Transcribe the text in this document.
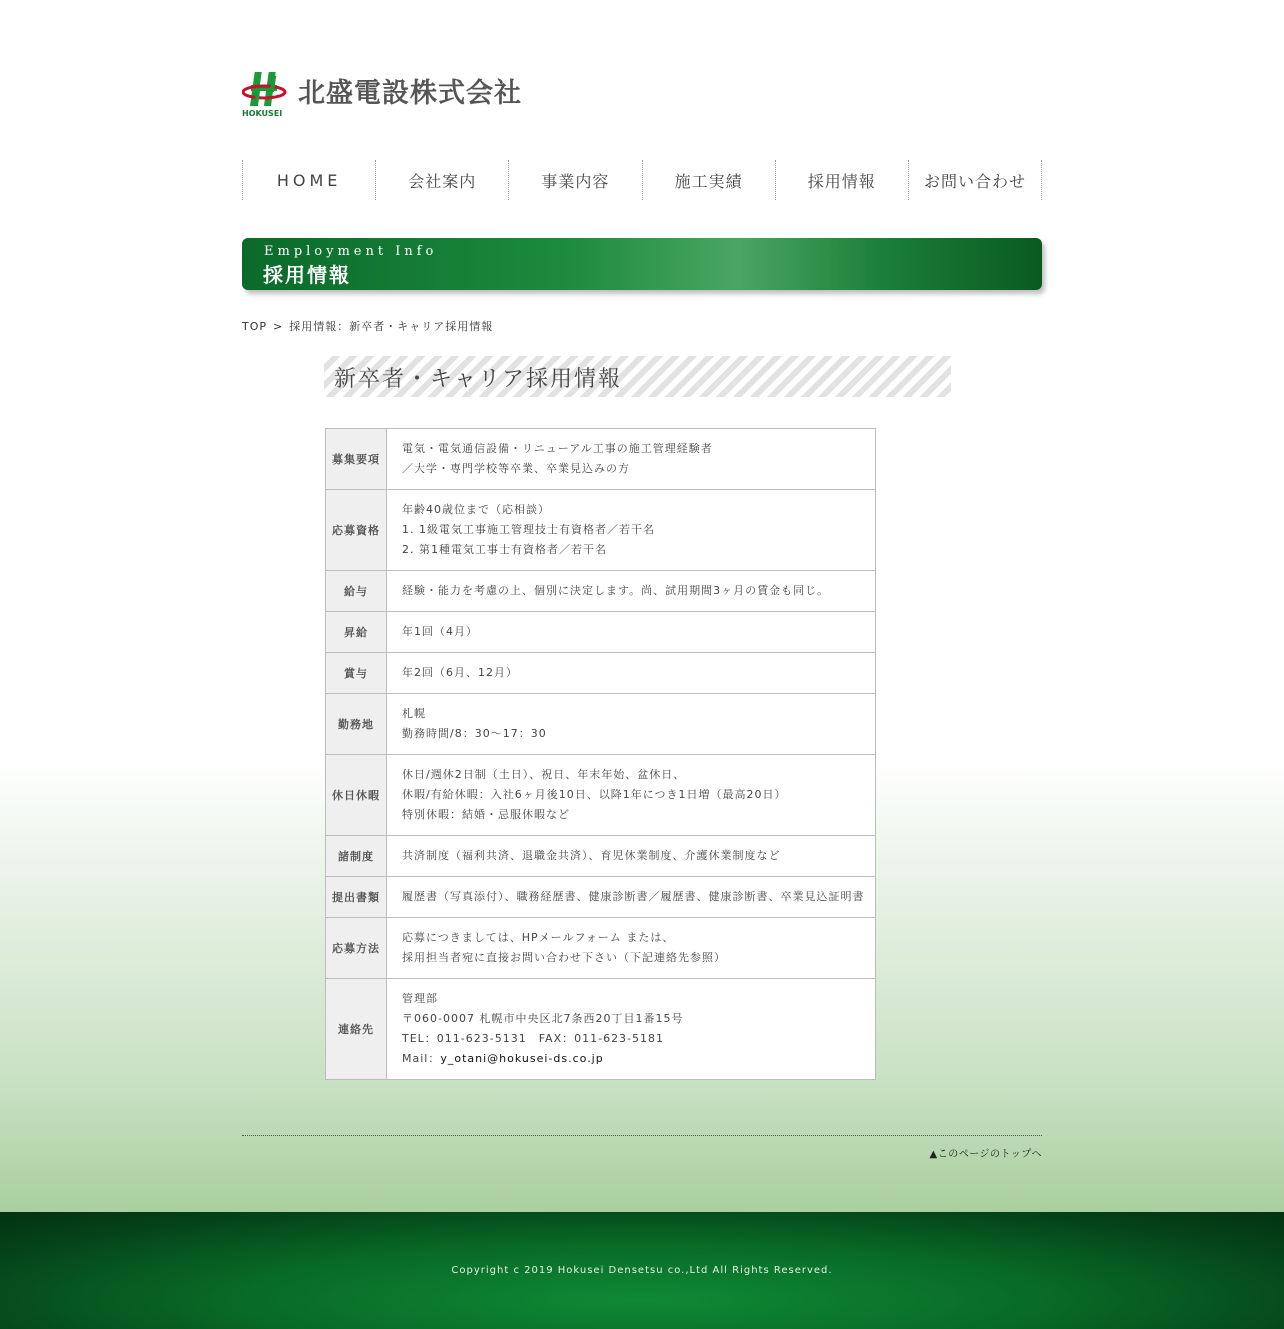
HOKUSEI
北盛電設株式会社
HOME	会社案内	事業内容	施工実績	採用情報	お問い合わせ
Employment Info
採用情報
TOP > 採用情報：新卒者・キャリア採用情報
新卒者・キャリア採用情報
募集要項	電気・電気通信設備・リニューアル工事の施工管理経験者
／大学・専門学校等卒業、卒業見込みの方

応募資格	年齢40歳位まで（応相談）
1. 1級電気工事施工管理技士有資格者／若干名
2. 第1種電気工事士有資格者／若干名

給与	経験・能力を考慮の上、個別に決定します。尚、試用期間3ヶ月の賃金も同じ。

昇給	年1回（4月）

賞与	年2回（6月、12月）

勤務地	札幌
勤務時間/8：30～17：30

休日休暇	休日/週休2日制（土日）、祝日、年末年始、盆休日、
休暇/有給休暇：入社6ヶ月後10日、以降1年につき1日増（最高20日）
特別休暇：結婚・忌服休暇など

諸制度	共済制度（福利共済、退職金共済）、育児休業制度、介護休業制度など

提出書類	履歴書（写真添付）、職務経歴書、健康診断書／履歴書、健康診断書、卒業見込証明書

応募方法	応募につきましては、HPメールフォーム または、
採用担当者宛に直接お問い合わせ下さい（下記連絡先参照）

連絡先	管理部
〒060-0007 札幌市中央区北7条西20丁目1番15号
TEL：011-623-5131　FAX：011-623-5181
Mail：y_otani@hokusei-ds.co.jp
▲このページのトップへ
Copyright c 2019 Hokusei Densetsu co.,Ltd All Rights Reserved.
